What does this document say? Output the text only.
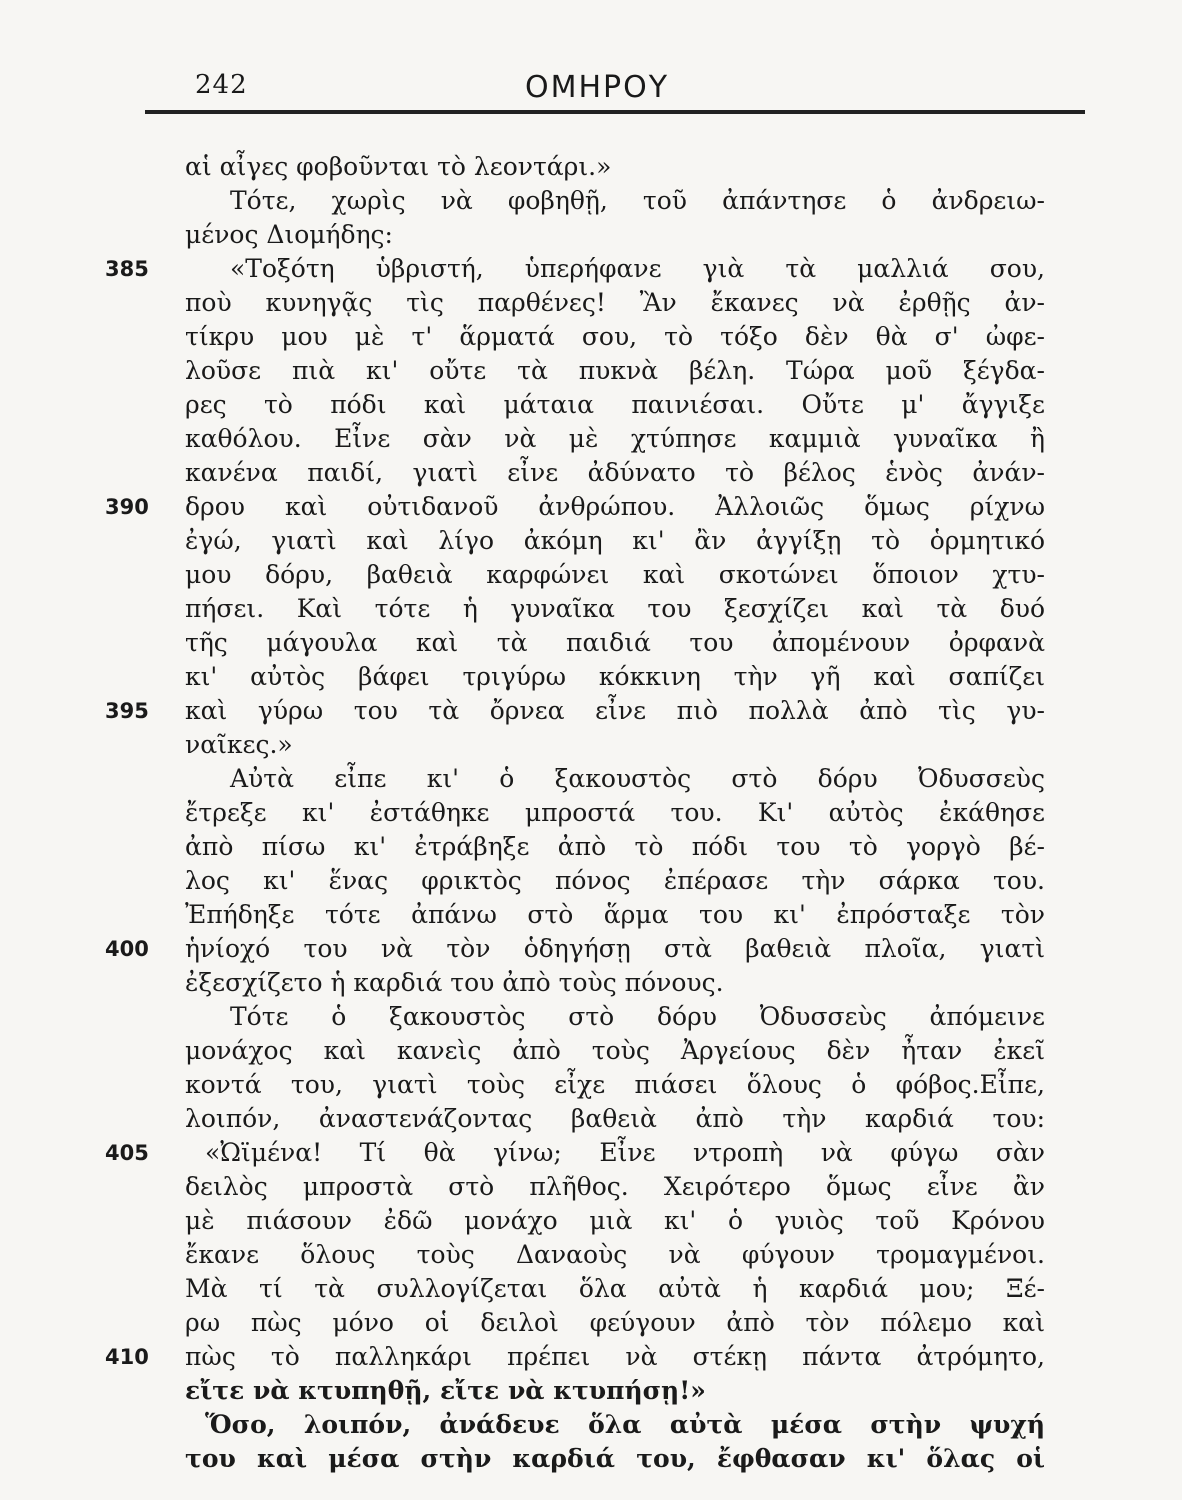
242	ΟΜΗΡΟΥ
385
390
395
400
405
410
αἱ αἶγες φοβοῦνται τὸ λεοντάρι.»
Τότε, χωρὶς νὰ φοβηθῇ, τοῦ ἀπάντησε ὁ ἀνδρειω-
μένος Διομήδης:
«Τοξότη ὑβριστή, ὑπερήφανε γιὰ τὰ μαλλιά σου,
ποὺ κυνηγᾷς τὶς παρθένες! Ἂν ἔκανες νὰ ἐρθῇς ἀν-
τίκρυ μου μὲ τ' ἅρματά σου, τὸ τόξο δὲν θὰ σ' ὠφε-
λοῦσε πιὰ κι' οὔτε τὰ πυκνὰ βέλη. Τώρα μοῦ ξέγδα-
ρες τὸ πόδι καὶ μάταια παινιέσαι. Οὔτε μ' ἄγγιξε
καθόλου. Εἶνε σὰν νὰ μὲ χτύπησε καμμιὰ γυναῖκα ἢ
κανένα παιδί, γιατὶ εἶνε ἀδύνατο τὸ βέλος ἑνὸς ἀνάν-
δρου καὶ οὐτιδανοῦ ἀνθρώπου. Ἀλλοιῶς ὅμως ρίχνω
ἐγώ, γιατὶ καὶ λίγο ἀκόμη κι' ἂν ἀγγίξῃ τὸ ὁρμητικό
μου δόρυ, βαθειὰ καρφώνει καὶ σκοτώνει ὅποιον χτυ-
πήσει. Καὶ τότε ἡ γυναῖκα του ξεσχίζει καὶ τὰ δυό
τῆς μάγουλα καὶ τὰ παιδιά του ἀπομένουν ὀρφανὰ
κι' αὐτὸς βάφει τριγύρω κόκκινη τὴν γῆ καὶ σαπίζει
καὶ γύρω του τὰ ὄρνεα εἶνε πιὸ πολλὰ ἀπὸ τὶς γυ-
ναῖκες.»
Αὐτὰ εἶπε κι' ὁ ξακουστὸς στὸ δόρυ Ὀδυσσεὺς
ἔτρεξε κι' ἐστάθηκε μπροστά του. Κι' αὐτὸς ἐκάθησε
ἀπὸ πίσω κι' ἐτράβηξε ἀπὸ τὸ πόδι του τὸ γοργὸ βέ-
λος κι' ἕνας φρικτὸς πόνος ἐπέρασε τὴν σάρκα του.
Ἐπήδηξε τότε ἀπάνω στὸ ἅρμα του κι' ἐπρόσταξε τὸν
ἡνίοχό του νὰ τὸν ὁδηγήσῃ στὰ βαθειὰ πλοῖα, γιατὶ
ἐξεσχίζετο ἡ καρδιά του ἀπὸ τοὺς πόνους.
Τότε ὁ ξακουστὸς στὸ δόρυ Ὀδυσσεὺς ἀπόμεινε
μονάχος καὶ κανεὶς ἀπὸ τοὺς Ἀργείους δὲν ἦταν ἐκεῖ
κοντά του, γιατὶ τοὺς εἶχε πιάσει ὅλους ὁ φόβος.Εἶπε,
λοιπόν, ἀναστενάζοντας βαθειὰ ἀπὸ τὴν καρδιά του:
«Ὠϊμένα! Τί θὰ γίνω; Εἶνε ντροπὴ νὰ φύγω σὰν
δειλὸς μπροστὰ στὸ πλῆθος. Χειρότερο ὅμως εἶνε ἂν
μὲ πιάσουν ἐδῶ μονάχο μιὰ κι' ὁ γυιὸς τοῦ Κρόνου
ἔκανε ὅλους τοὺς Δαναοὺς νὰ φύγουν τρομαγμένοι.
Μὰ τί τὰ συλλογίζεται ὅλα αὐτὰ ἡ καρδιά μου; Ξέ-
ρω πὼς μόνο οἱ δειλοὶ φεύγουν ἀπὸ τὸν πόλεμο καὶ
πὼς τὸ παλληκάρι πρέπει νὰ στέκῃ πάντα ἀτρόμητο,
εἴτε νὰ κτυπηθῇ, εἴτε νὰ κτυπήσῃ!»
Ὅσο, λοιπόν, ἀνάδευε ὅλα αὐτὰ μέσα στὴν ψυχή
του καὶ μέσα στὴν καρδιά του, ἔφθασαν κι' ὅλας οἱ
